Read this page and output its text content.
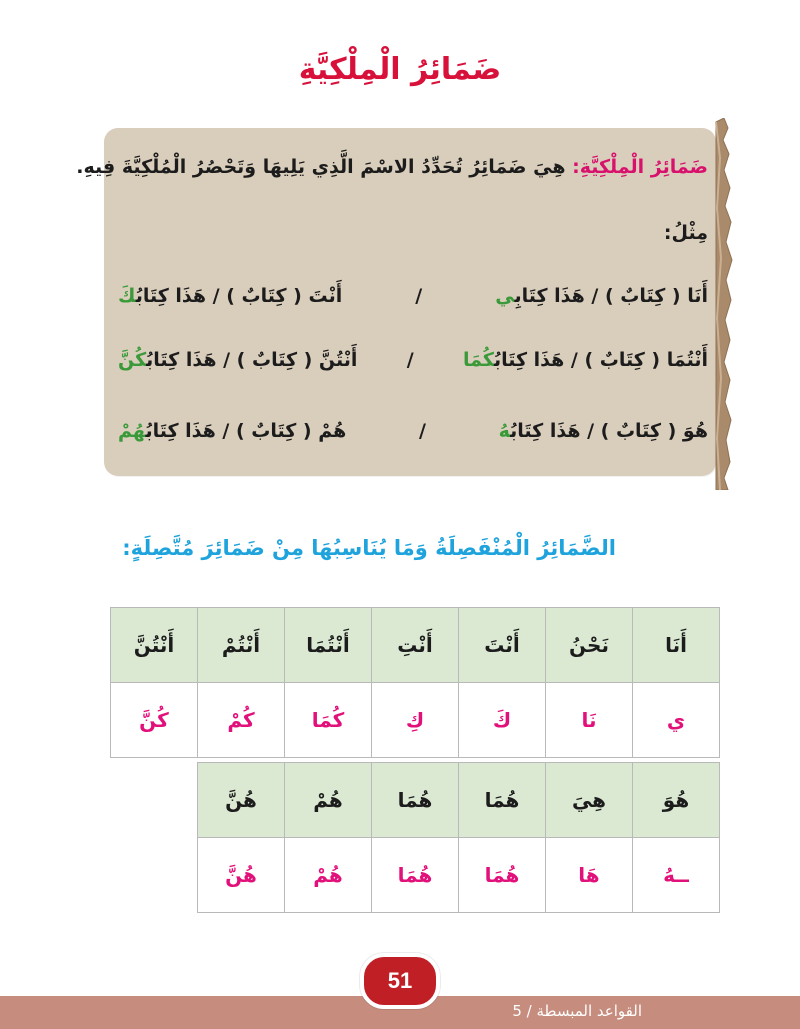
ضَمَائِرُ الْمِلْكِيَّةِ
ضَمَائِرُ الْمِلْكِيَّةِ: هِيَ ضَمَائِرُ تُحَدِّدُ الاسْمَ الَّذِي يَلِيهَا وَتَحْصُرُ الْمُلْكِيَّةَ فِيهِ.
مِثْلُ:
أَنَا ( كِتَابٌ ) / هَذَا كِتَابِي
/
أَنْتَ ( كِتَابٌ ) / هَذَا كِتَابُكَ
أَنْتُمَا ( كِتَابٌ ) / هَذَا كِتَابُكُمَا
/
أَنْتُنَّ ( كِتَابٌ ) / هَذَا كِتَابُكُنَّ
هُوَ ( كِتَابٌ ) / هَذَا كِتَابُهُ
/
هُمْ ( كِتَابٌ ) / هَذَا كِتَابُهُمْ
الضَّمَائِرُ الْمُنْفَصِلَةُ وَمَا يُنَاسِبُهَا مِنْ ضَمَائِرَ مُتَّصِلَةٍ:
أَنَا	نَحْنُ	أَنْتَ	أَنْتِ	أَنْتُمَا	أَنْتُمْ	أَنْتُنَّ
ي	نَا	كَ	كِ	كُمَا	كُمْ	كُنَّ
هُوَ	هِيَ	هُمَا	هُمَا	هُمْ	هُنَّ
ــهُ	هَا	هُمَا	هُمَا	هُمْ	هُنَّ
القواعد المبسطة / 5
51
